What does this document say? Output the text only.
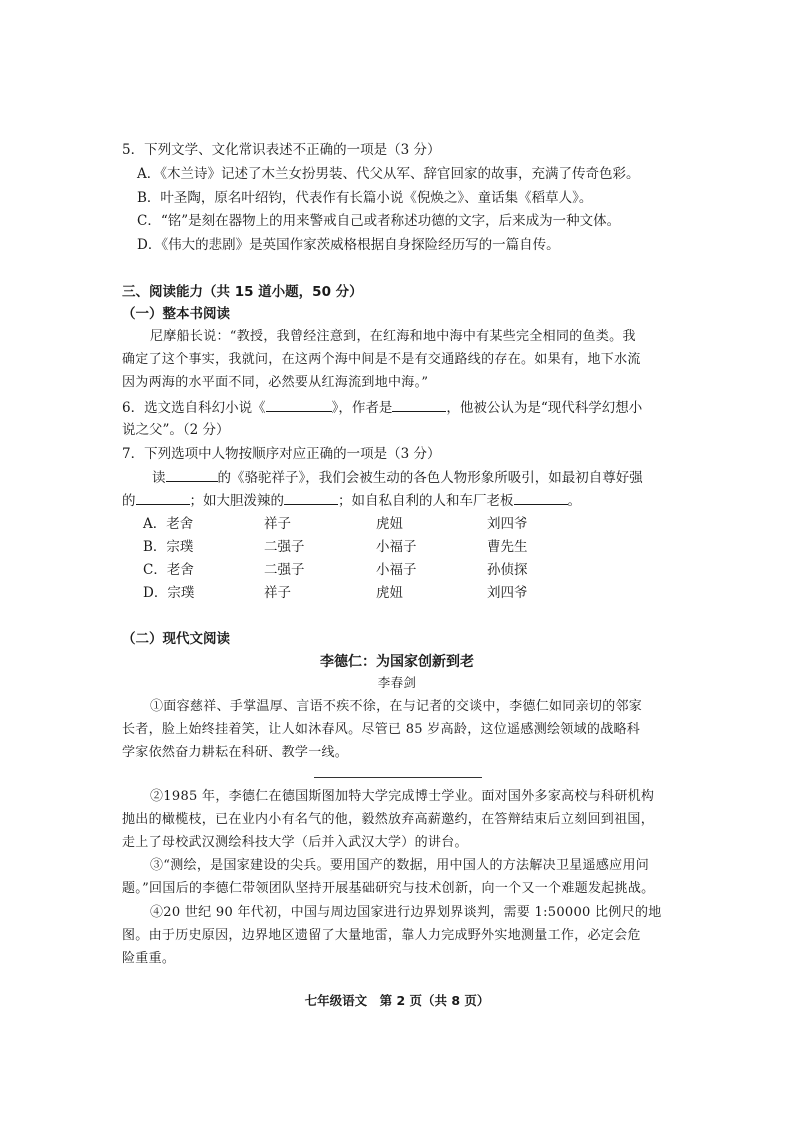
5．下列文学、文化常识表述不正确的一项是（3 分）
A．《木兰诗》记述了木兰女扮男装、代父从军、辞官回家的故事，充满了传奇色彩。
B．叶圣陶，原名叶绍钧，代表作有长篇小说《倪焕之》、童话集《稻草人》。
C．“铭”是刻在器物上的用来警戒自己或者称述功德的文字，后来成为一种文体。
D．《伟大的悲剧》是英国作家茨威格根据自身探险经历写的一篇自传。
三、阅读能力（共 15 道小题，50 分）
（一）整本书阅读
尼摩船长说：“教授，我曾经注意到，在红海和地中海中有某些完全相同的鱼类。我
确定了这个事实，我就问，在这两个海中间是不是有交通路线的存在。如果有，地下水流
因为两海的水平面不同，必然要从红海流到地中海。”
6．选文选自科幻小说《	》，作者是	，他被公认为是“现代科学幻想小
说之父”。（2 分）
7．下列选项中人物按顺序对应正确的一项是（3 分）
读	的《骆驼祥子》，我们会被生动的各色人物形象所吸引，如最初自尊好强
的	；如大胆泼辣的	；如自私自利的人和车厂老板	。
A．老舍	祥子	虎妞	刘四爷
B．宗璞	二强子	小福子	曹先生
C．老舍	二强子	小福子	孙侦探
D．宗璞	祥子	虎妞	刘四爷
（二）现代文阅读
李德仁：为国家创新到老
李春剑
①面容慈祥、手掌温厚、言语不疾不徐，在与记者的交谈中，李德仁如同亲切的邻家
长者，脸上始终挂着笑，让人如沐春风。尽管已 85 岁高龄，这位遥感测绘领域的战略科
学家依然奋力耕耘在科研、教学一线。
②1985 年，李德仁在德国斯图加特大学完成博士学业。面对国外多家高校与科研机构
抛出的橄榄枝，已在业内小有名气的他，毅然放弃高薪邀约，在答辩结束后立刻回到祖国，
走上了母校武汉测绘科技大学（后并入武汉大学）的讲台。
③“测绘，是国家建设的尖兵。要用国产的数据，用中国人的方法解决卫星遥感应用问
题。”回国后的李德仁带领团队坚持开展基础研究与技术创新，向一个又一个难题发起挑战。
④20 世纪 90 年代初，中国与周边国家进行边界划界谈判，需要 1:50000 比例尺的地
图。由于历史原因，边界地区遗留了大量地雷，靠人力完成野外实地测量工作，必定会危
险重重。
七年级语文　第 2 页（共 8 页）
